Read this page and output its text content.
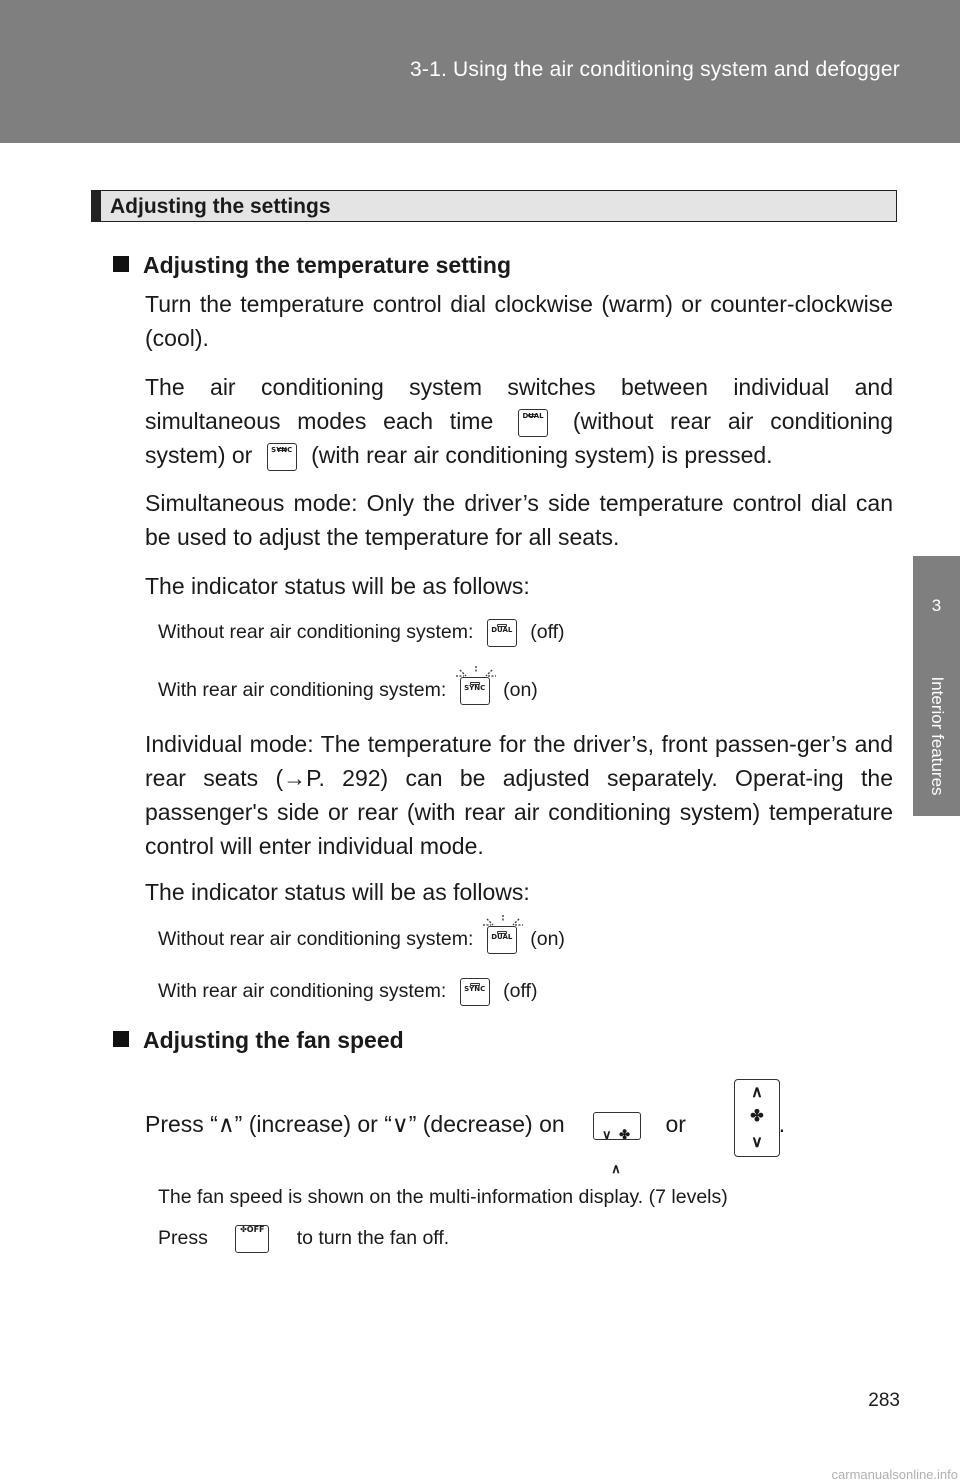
3-1. Using the air conditioning system and defogger
3
Interior features
Adjusting the settings
Adjusting the temperature setting
Turn the temperature control dial clockwise (warm) or counter-clockwise (cool).
The air conditioning system switches between individual and simultaneous modes each time	DUAL (without rear air conditioning system) or	SYNC (with rear air conditioning system) is pressed.
Simultaneous mode: Only the driver’s side temperature control dial can be used to adjust the temperature for all seats.
The indicator status will be as follows:
Without rear air conditioning system:	DUAL (off)
With rear air conditioning system:	SYNC (on)
Individual mode: The temperature for the driver’s, front passen-ger’s and rear seats (→P. 292) can be adjusted separately. Operat-ing the passenger's side or rear (with rear air conditioning system) temperature control will enter individual mode.
The indicator status will be as follows:
Without rear air conditioning system:	DUAL (on)
With rear air conditioning system:	SYNC (off)
Adjusting the fan speed
Press “∧” (increase) or “∨” (decrease) on	∨ ✤ ∧
or	.
∧
✤
∨
The fan speed is shown on the multi-information display. (7 levels)
Press	✤OFF to turn the fan off.
283
carmanualsonline.info
